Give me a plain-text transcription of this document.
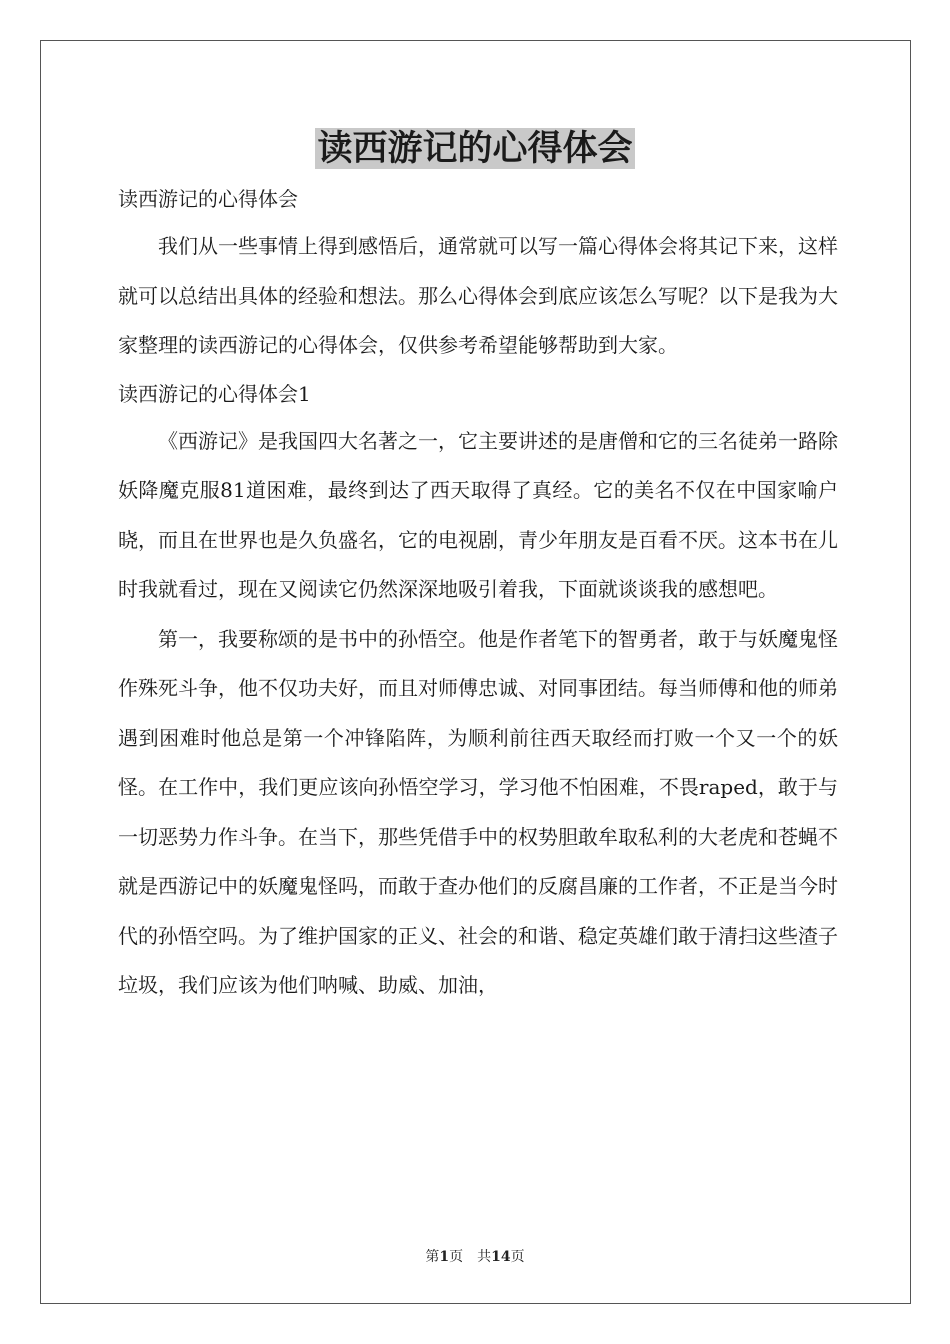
读西游记的心得体会

读西游记的心得体会

我们从一些事情上得到感悟后，通常就可以写一篇心得体会将其记下来，这样就可以总结出具体的经验和想法。那么心得体会到底应该怎么写呢？以下是我为大家整理的读西游记的心得体会，仅供参考希望能够帮助到大家。

读西游记的心得体会1

《西游记》是我国四大名著之一，它主要讲述的是唐僧和它的三名徒弟一路除妖降魔克服81道困难，最终到达了西天取得了真经。它的美名不仅在中国家喻户晓，而且在世界也是久负盛名，它的电视剧，青少年朋友是百看不厌。这本书在儿时我就看过，现在又阅读它仍然深深地吸引着我，下面就谈谈我的感想吧。

第一，我要称颂的是书中的孙悟空。他是作者笔下的智勇者，敢于与妖魔鬼怪作殊死斗争，他不仅功夫好，而且对师傅忠诚、对同事团结。每当师傅和他的师弟遇到困难时他总是第一个冲锋陷阵，为顺利前往西天取经而打败一个又一个的妖怪。在工作中，我们更应该向孙悟空学习，学习他不怕困难，不畏raped，敢于与一切恶势力作斗争。在当下，那些凭借手中的权势胆敢牟取私利的大老虎和苍蝇不就是西游记中的妖魔鬼怪吗，而敢于查办他们的反腐昌廉的工作者，不正是当今时代的孙悟空吗。为了维护国家的正义、社会的和谐、稳定英雄们敢于清扫这些渣子垃圾，我们应该为他们呐喊、助威、加油，

第1页　共14页
